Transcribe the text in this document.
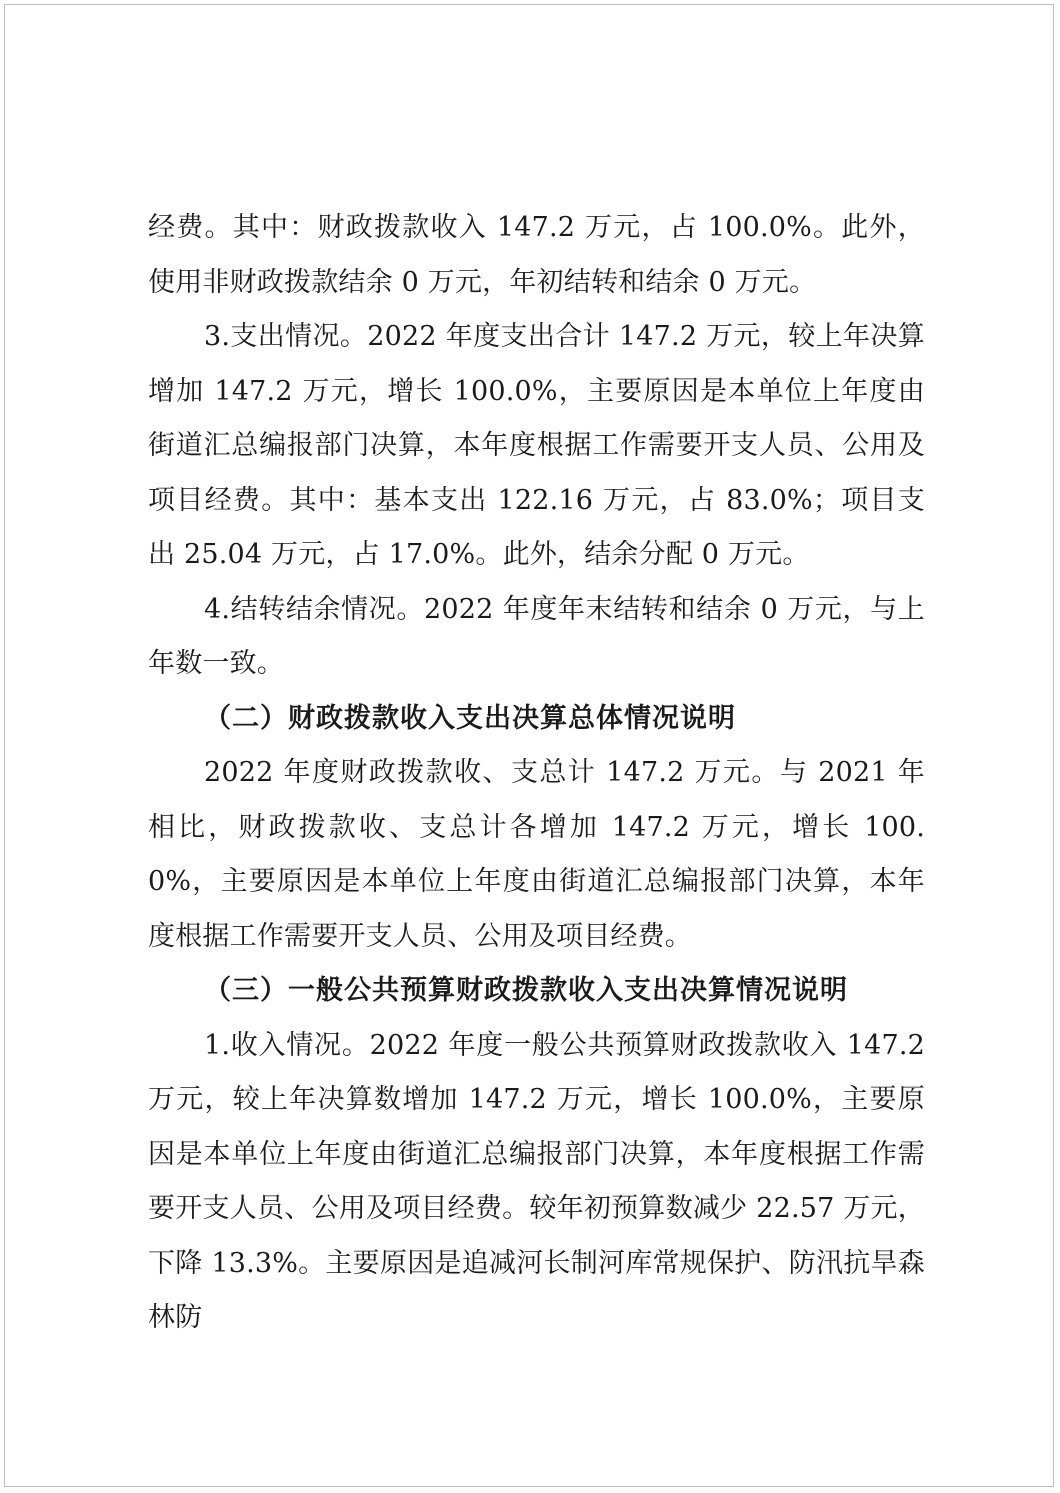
经费。其中：财政拨款收入 147.2 万元，占 100.0%。此外，使用非财政拨款结余 0 万元，年初结转和结余 0 万元。

3.支出情况。2022 年度支出合计 147.2 万元，较上年决算增加 147.2 万元，增长 100.0%，主要原因是本单位上年度由街道汇总编报部门决算，本年度根据工作需要开支人员、公用及项目经费。其中：基本支出 122.16 万元，占 83.0%；项目支出 25.04 万元，占 17.0%。此外，结余分配 0 万元。

4.结转结余情况。2022 年度年末结转和结余 0 万元，与上年数一致。

（二）财政拨款收入支出决算总体情况说明

2022 年度财政拨款收、支总计 147.2 万元。与 2021 年相比，财政拨款收、支总计各增加 147.2 万元，增长 100.0%，主要原因是本单位上年度由街道汇总编报部门决算，本年度根据工作需要开支人员、公用及项目经费。

（三）一般公共预算财政拨款收入支出决算情况说明

1.收入情况。2022 年度一般公共预算财政拨款收入 147.2 万元，较上年决算数增加 147.2 万元，增长 100.0%，主要原因是本单位上年度由街道汇总编报部门决算，本年度根据工作需要开支人员、公用及项目经费。较年初预算数减少 22.57 万元，下降 13.3%。主要原因是追减河长制河库常规保护、防汛抗旱森林防
